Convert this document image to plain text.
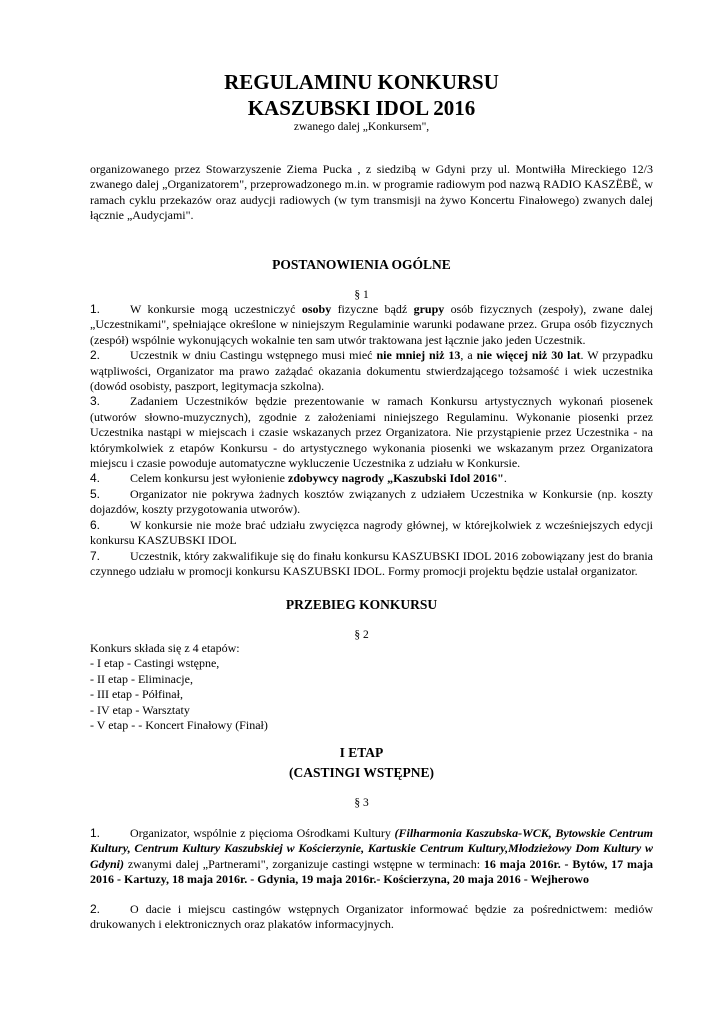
REGULAMINU KONKURSU
KASZUBSKI IDOL 2016
zwanego dalej „Konkursem",
organizowanego przez Stowarzyszenie Ziema Pucka , z siedzibą w Gdyni przy ul. Montwiłła Mireckiego 12/3 zwanego dalej „Organizatorem", przeprowadzonego m.in. w programie radiowym pod nazwą RADIO KASZËBË, w ramach cyklu przekazów oraz audycji radiowych (w tym transmisji na żywo Koncertu Finałowego) zwanych dalej łącznie „Audycjami".
POSTANOWIENIA OGÓLNE
§ 1
1.	W konkursie mogą uczestniczyć osoby fizyczne bądź grupy osób fizycznych (zespoły), zwane dalej „Uczestnikami", spełniające określone w niniejszym Regulaminie warunki podawane przez. Grupa osób fizycznych (zespół) wspólnie wykonujących wokalnie ten sam utwór traktowana jest łącznie jako jeden Uczestnik.
2.	Uczestnik w dniu Castingu wstępnego musi mieć nie mniej niż 13, a nie więcej niż 30 lat. W przypadku wątpliwości, Organizator ma prawo zażądać okazania dokumentu stwierdzającego tożsamość i wiek uczestnika (dowód osobisty, paszport, legitymacja szkolna).
3.	Zadaniem Uczestników będzie prezentowanie w ramach Konkursu artystycznych wykonań piosenek (utworów słowno-muzycznych), zgodnie z założeniami niniejszego Regulaminu. Wykonanie piosenki przez Uczestnika nastąpi w miejscach i czasie wskazanych przez Organizatora. Nie przystąpienie przez Uczestnika - na którymkolwiek z etapów Konkursu - do artystycznego wykonania piosenki we wskazanym przez Organizatora miejscu i czasie powoduje automatyczne wykluczenie Uczestnika z udziału w Konkursie.
4.	Celem konkursu jest wyłonienie zdobywcy nagrody „Kaszubski Idol 2016".
5.	Organizator nie pokrywa żadnych kosztów związanych z udziałem Uczestnika w Konkursie (np. koszty dojazdów, koszty przygotowania utworów).
6.	W konkursie nie może brać udziału zwycięzca nagrody głównej, w którejkolwiek z wcześniejszych edycji konkursu KASZUBSKI IDOL
7.	Uczestnik, który zakwalifikuje się do finału konkursu KASZUBSKI IDOL 2016 zobowiązany jest do brania czynnego udziału w promocji konkursu KASZUBSKI IDOL. Formy promocji projektu będzie ustalał organizator.
PRZEBIEG KONKURSU
§ 2
Konkurs składa się z 4 etapów:
- I etap - Castingi wstępne,
- II etap - Eliminacje,
- III etap - Półfinał,
- IV etap - Warsztaty
- V etap - - Koncert Finałowy (Finał)
I ETAP
(CASTINGI WSTĘPNE)
§ 3
1.	Organizator, wspólnie z pięcioma Ośrodkami Kultury (Filharmonia Kaszubska-WCK, Bytowskie Centrum Kultury, Centrum Kultury Kaszubskiej w Kościerzynie, Kartuskie Centrum Kultury,Młodzieżowy Dom Kultury w Gdyni) zwanymi dalej „Partnerami", zorganizuje castingi wstępne w terminach: 16 maja 2016r. - Bytów, 17 maja 2016 - Kartuzy, 18 maja 2016r. - Gdynia, 19 maja 2016r.- Kościerzyna, 20 maja 2016 - Wejherowo
2.	O dacie i miejscu castingów wstępnych Organizator informować będzie za pośrednictwem: mediów drukowanych i elektronicznych oraz plakatów informacyjnych.
